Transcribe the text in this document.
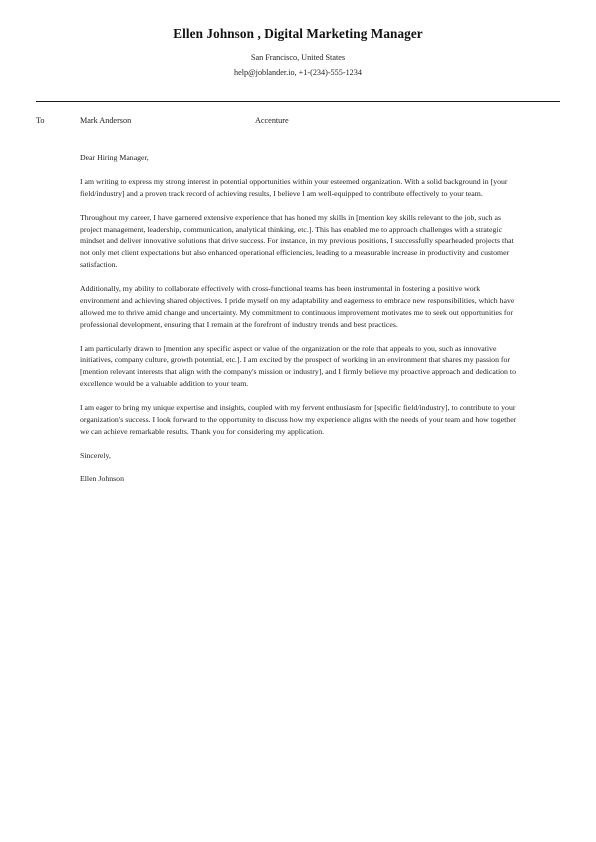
Ellen Johnson , Digital Marketing Manager
San Francisco, United States
help@joblander.io, +1-(234)-555-1234
To	Mark Anderson	Accenture

Dear Hiring Manager,

I am writing to express my strong interest in potential opportunities within your esteemed organization. With a solid background in [your field/industry] and a proven track record of achieving results, I believe I am well-equipped to contribute effectively to your team.

Throughout my career, I have garnered extensive experience that has honed my skills in [mention key skills relevant to the job, such as project management, leadership, communication, analytical thinking, etc.]. This has enabled me to approach challenges with a strategic mindset and deliver innovative solutions that drive success. For instance, in my previous positions, I successfully spearheaded projects that not only met client expectations but also enhanced operational efficiencies, leading to a measurable increase in productivity and customer satisfaction.

Additionally, my ability to collaborate effectively with cross-functional teams has been instrumental in fostering a positive work environment and achieving shared objectives. I pride myself on my adaptability and eagerness to embrace new responsibilities, which have allowed me to thrive amid change and uncertainty. My commitment to continuous improvement motivates me to seek out opportunities for professional development, ensuring that I remain at the forefront of industry trends and best practices.

I am particularly drawn to [mention any specific aspect or value of the organization or the role that appeals to you, such as innovative initiatives, company culture, growth potential, etc.]. I am excited by the prospect of working in an environment that shares my passion for [mention relevant interests that align with the company's mission or industry], and I firmly believe my proactive approach and dedication to excellence would be a valuable addition to your team.

I am eager to bring my unique expertise and insights, coupled with my fervent enthusiasm for [specific field/industry], to contribute to your organization's success. I look forward to the opportunity to discuss how my experience aligns with the needs of your team and how together we can achieve remarkable results. Thank you for considering my application.

Sincerely,

Ellen Johnson
